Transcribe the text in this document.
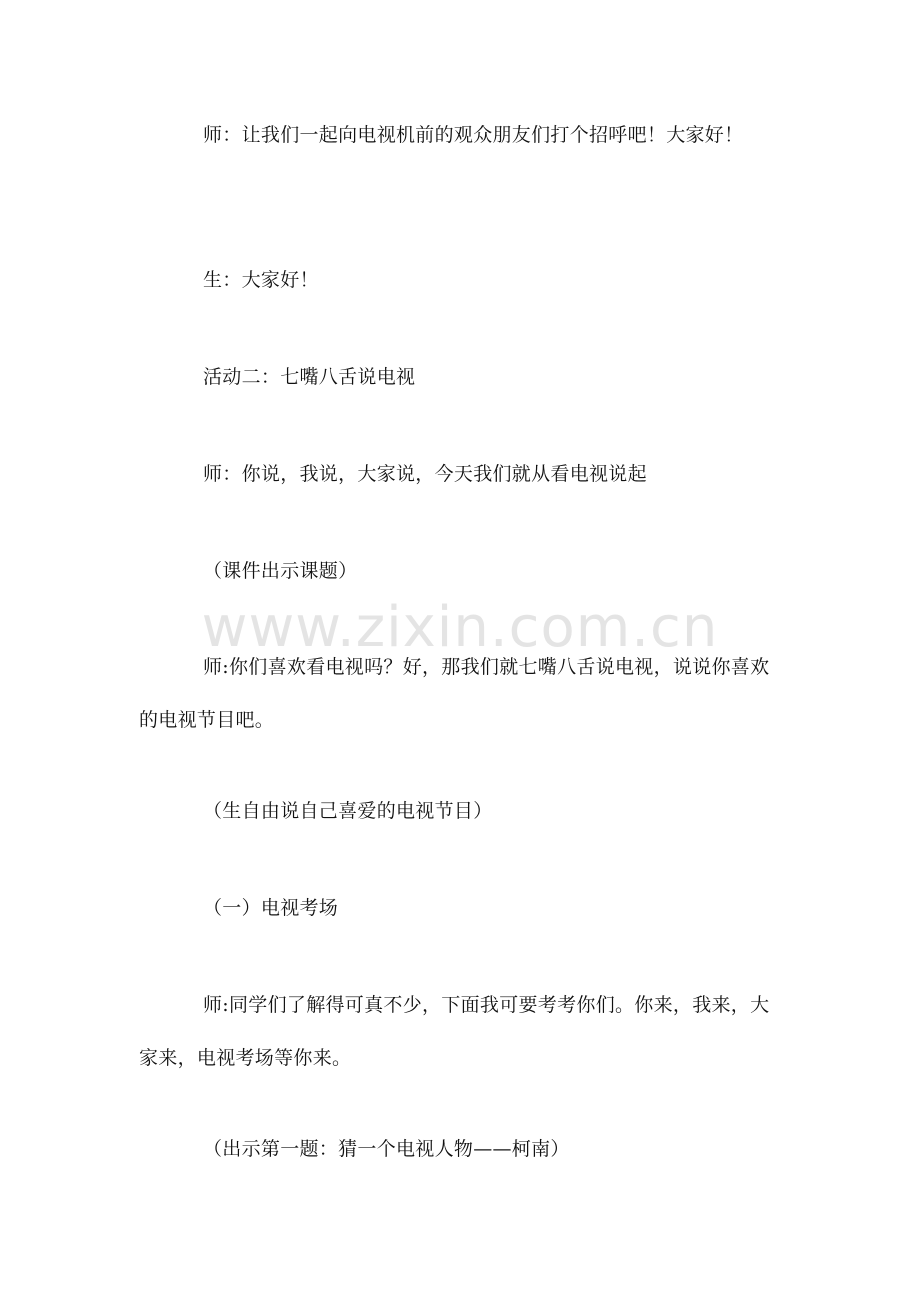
www.zixin.com.cn

师：让我们一起向电视机前的观众朋友们打个招呼吧！大家好！

生：大家好！

活动二：七嘴八舌说电视

师：你说，我说，大家说，今天我们就从看电视说起

（课件出示课题）

师:你们喜欢看电视吗？好，那我们就七嘴八舌说电视，说说你喜欢的电视节目吧。

（生自由说自己喜爱的电视节目）

（一）电视考场

师:同学们了解得可真不少，下面我可要考考你们。你来，我来，大家来，电视考场等你来。

（出示第一题：猜一个电视人物——柯南）
